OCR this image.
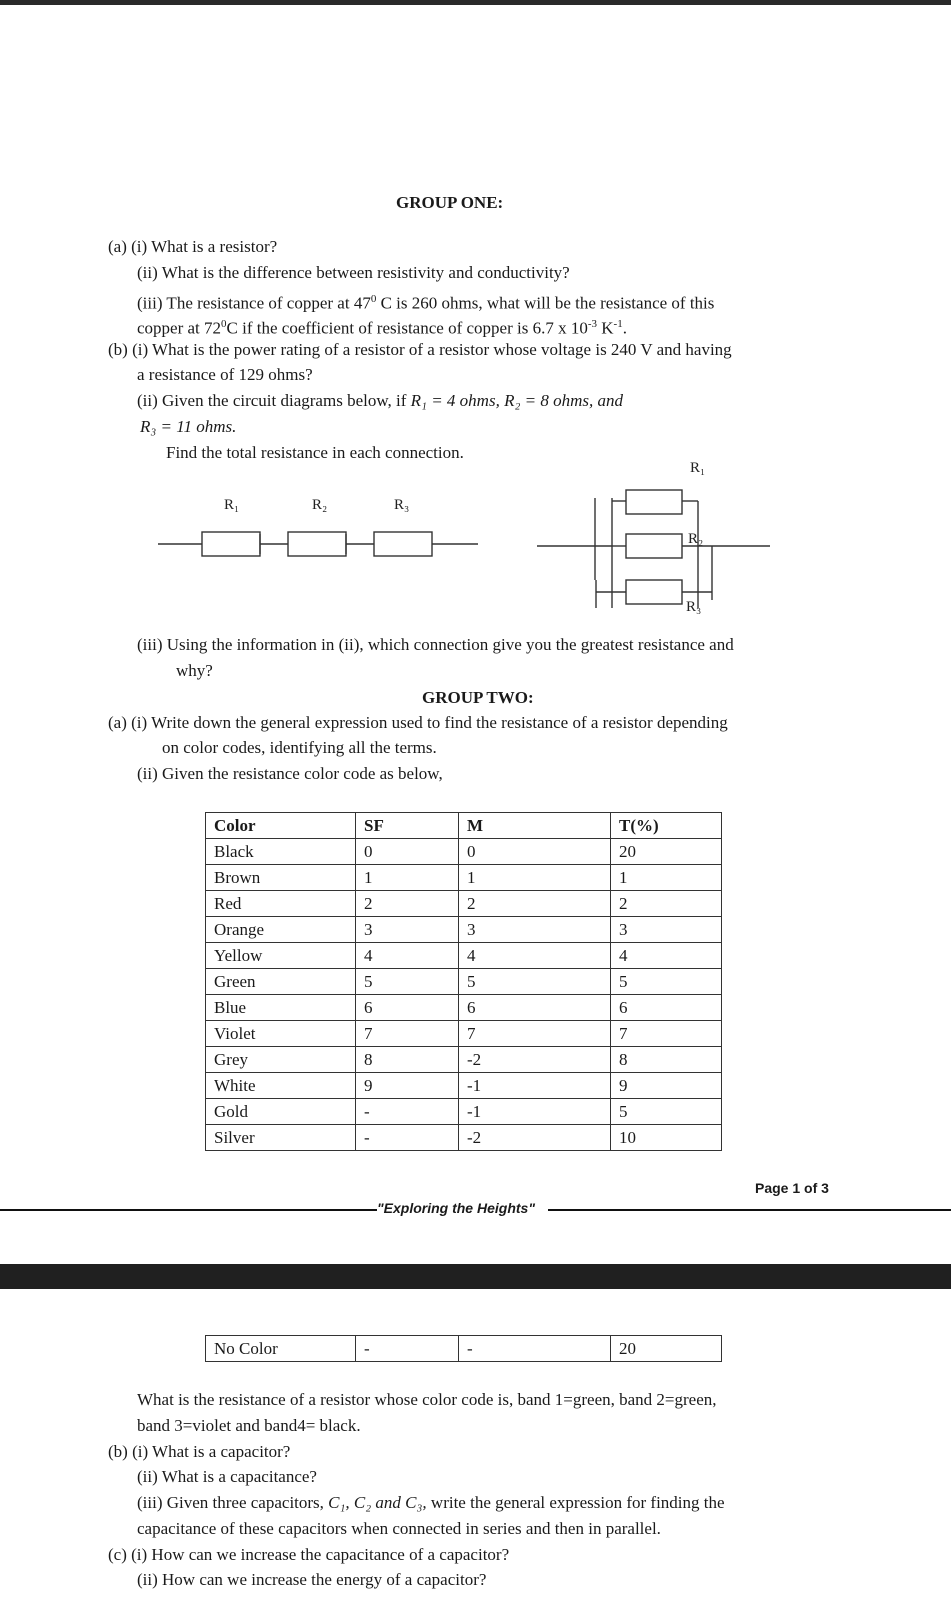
GROUP ONE:
(a) (i) What is a resistor?
(ii) What is the difference between resistivity and conductivity?
(iii) The resistance of copper at $47^0$ C is 260 ohms, what will be the resistance of this
copper at $72^0C$ if the coefficient of resistance of copper is 6.7 x $10^{-3}$ $K^{-1}$.
(b) (i) What is the power rating of a resistor of a resistor whose voltage is 240 V and having
a resistance of 129 ohms?
(ii) Given the circuit diagrams below, if R₁ = 4 ohms, R₂ = 8 ohms, and
R₃ = 11 ohms.
Find the total resistance in each connection.
R₁	R₂	R₃
R₁
R₂
R₃
(iii) Using the information in (ii), which connection give you the greatest resistance and
why?
GROUP TWO:
(a) (i) Write down the general expression used to find the resistance of a resistor depending
on color codes, identifying all the terms.
(ii) Given the resistance color code as below,
Color	SF	M	T(%)
Black	0	0	20
Brown	1	1	1
Red	2	2	2
Orange	3	3	3
Yellow	4	4	4
Green	5	5	5
Blue	6	6	6
Violet	7	7	7
Grey	8	-2	8
White	9	-1	9
Gold	-	-1	5
Silver	-	-2	10
Page 1 of 3
"Exploring the Heights"
No Color	-	-	20
What is the resistance of a resistor whose color code is, band 1=green, band 2=green,
band 3=violet and band4= black.
(b) (i) What is a capacitor?
(ii) What is a capacitance?
(iii) Given three capacitors, C₁, C₂ and C₃, write the general expression for finding the
capacitance of these capacitors when connected in series and then in parallel.
(c) (i) How can we increase the capacitance of a capacitor?
(ii) How can we increase the energy of a capacitor?
